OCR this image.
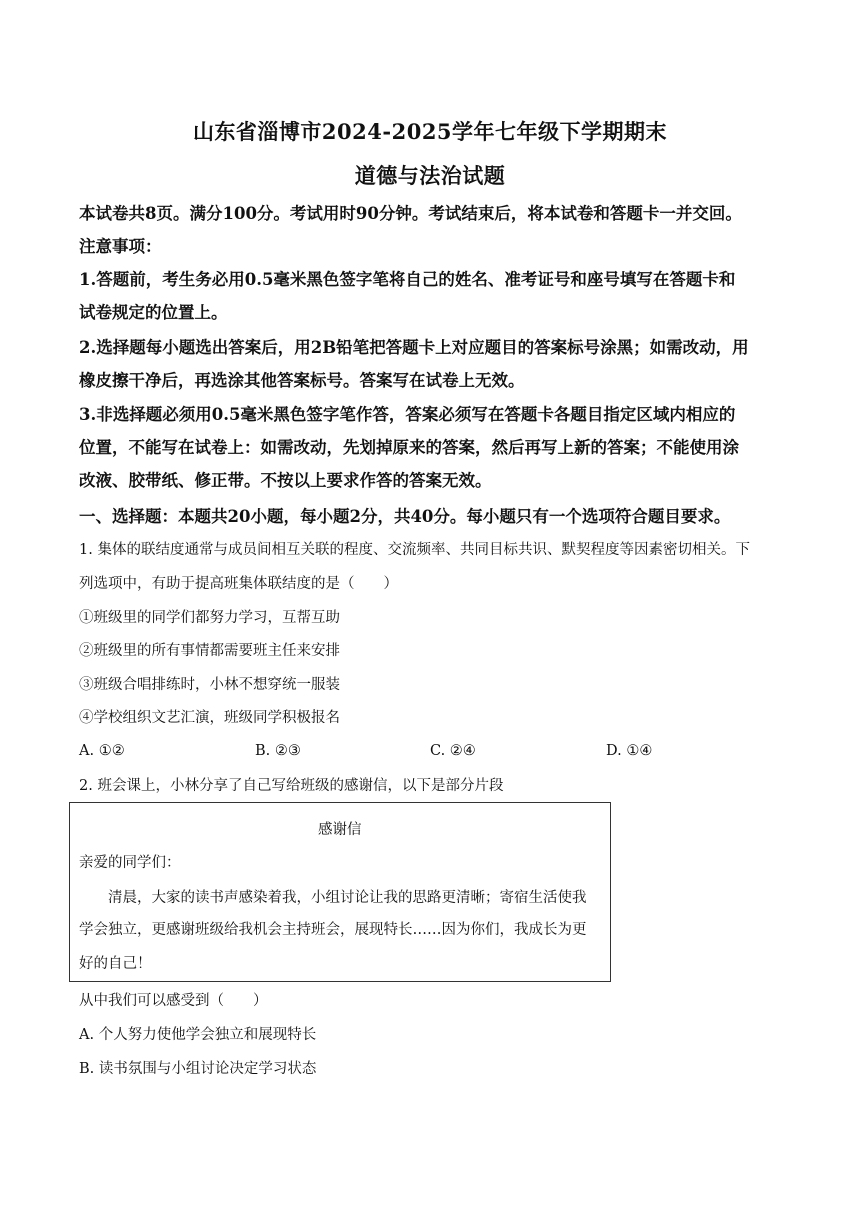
山东省淄博市2024-2025学年七年级下学期期末
道德与法治试题
本试卷共8页。满分100分。考试用时90分钟。考试结束后，将本试卷和答题卡一并交回。
注意事项：
1.答题前，考生务必用0.5毫米黑色签字笔将自己的姓名、准考证号和座号填写在答题卡和
试卷规定的位置上。
2.选择题每小题选出答案后，用2B铅笔把答题卡上对应题目的答案标号涂黑；如需改动，用
橡皮擦干净后，再选涂其他答案标号。答案写在试卷上无效。
3.非选择题必须用0.5毫米黑色签字笔作答，答案必须写在答题卡各题目指定区域内相应的
位置，不能写在试卷上：如需改动，先划掉原来的答案，然后再写上新的答案；不能使用涂
改液、胶带纸、修正带。不按以上要求作答的答案无效。
一、选择题：本题共20小题，每小题2分，共40分。每小题只有一个选项符合题目要求。
1. 集体的联结度通常与成员间相互关联的程度、交流频率、共同目标共识、默契程度等因素密切相关。下
列选项中，有助于提高班集体联结度的是（　　）
①班级里的同学们都努力学习，互帮互助
②班级里的所有事情都需要班主任来安排
③班级合唱排练时，小林不想穿统一服装
④学校组织文艺汇演，班级同学积极报名
A. ①②	B. ②③	C. ②④	D. ①④
2. 班会课上，小林分享了自己写给班级的感谢信，以下是部分片段
感谢信
亲爱的同学们：
清晨，大家的读书声感染着我，小组讨论让我的思路更清晰；寄宿生活使我
学会独立，更感谢班级给我机会主持班会，展现特长……因为你们，我成长为更
好的自己！
从中我们可以感受到（　　）
A. 个人努力使他学会独立和展现特长
B. 读书氛围与小组讨论决定学习状态
